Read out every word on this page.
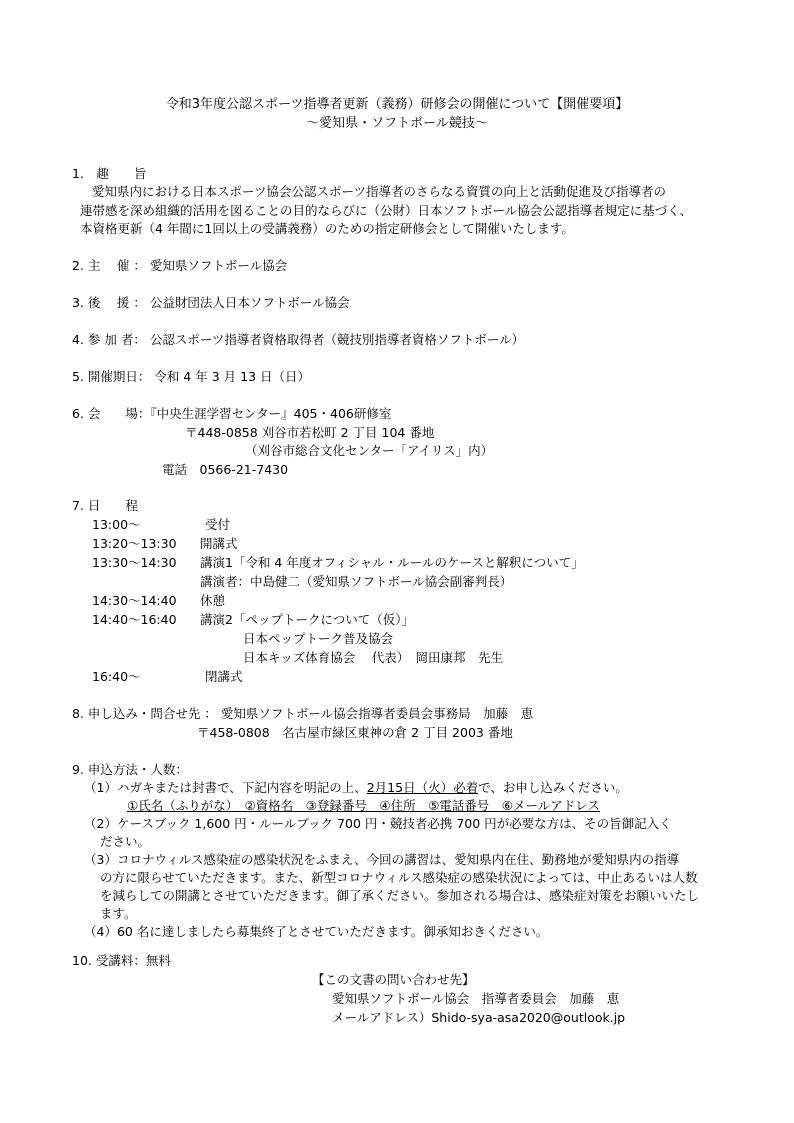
令和3年度公認スポーツ指導者更新（義務）研修会の開催について【開催要項】
～愛知県・ソフトボール競技～
1.　趣　　旨
愛知県内における日本スポーツ協会公認スポーツ指導者のさらなる資質の向上と活動促進及び指導者の
連帯感を深め組織的活用を図ることの目的ならびに（公財）日本ソフトボール協会公認指導者規定に基づく、
本資格更新（4 年間に1回以上の受講義務）のための指定研修会として開催いたします。
2. 主　 催 ： 愛知県ソフトボール協会
3. 後　 援 ： 公益財団法人日本ソフトボール協会
4. 参 加 者： 公認スポーツ指導者資格取得者（競技別指導者資格ソフトボール）
5. 開催期日： 令和 4 年 3 月 13 日（日）
6. 会　　場：『中央生涯学習センター』405・406研修室
〒448-0858 刈谷市若松町 2 丁目 104 番地
（刈谷市総合文化センター「アイリス」内）
電話　0566-21-7430
7. 日　　程
13:00～	受付
13:20～13:30 開講式
13:30～14:30 講演1「令和 4 年度オフィシャル・ルールのケースと解釈について」
講演者：中島健二（愛知県ソフトボール協会副審判長）
14:30～14:40 休憩
14:40～16:40 講演2「ペップトークについて（仮）」
日本ペップトーク普及協会
日本キッズ体育協会　 代表）　岡田康邦　先生
16:40～	閉講式
8. 申し込み・問合せ先 ： 愛知県ソフトボール協会指導者委員会事務局　加藤　恵
〒458-0808　名古屋市緑区東神の倉 2 丁目 2003 番地
9. 申込方法・人数：
（1）ハガキまたは封書で、下記内容を明記の上、2月15日（火）必着で、お申し込みください。
①氏名（ふりがな）　②資格名　③登録番号　④住所　⑤電話番号　⑥メールアドレス
（2）ケースブック 1,600 円・ルールブック 700 円・競技者必携 700 円が必要な方は、その旨御記入く
ださい。
（3）コロナウィルス感染症の感染状況をふまえ、今回の講習は、愛知県内在住、勤務地が愛知県内の指導
の方に限らせていただきます。また、新型コロナウィルス感染症の感染状況によっては、中止あるいは人数
を減らしての開講とさせていただきます。御了承ください。参加される場合は、感染症対策をお願いいたし
ます。
（4）60 名に達しましたら募集終了とさせていただきます。御承知おきください。
10. 受講料：無料
【この文書の問い合わせ先】
愛知県ソフトボール協会　指導者委員会　加藤　恵
メールアドレス）Shido-sya-asa2020@outlook.jp
